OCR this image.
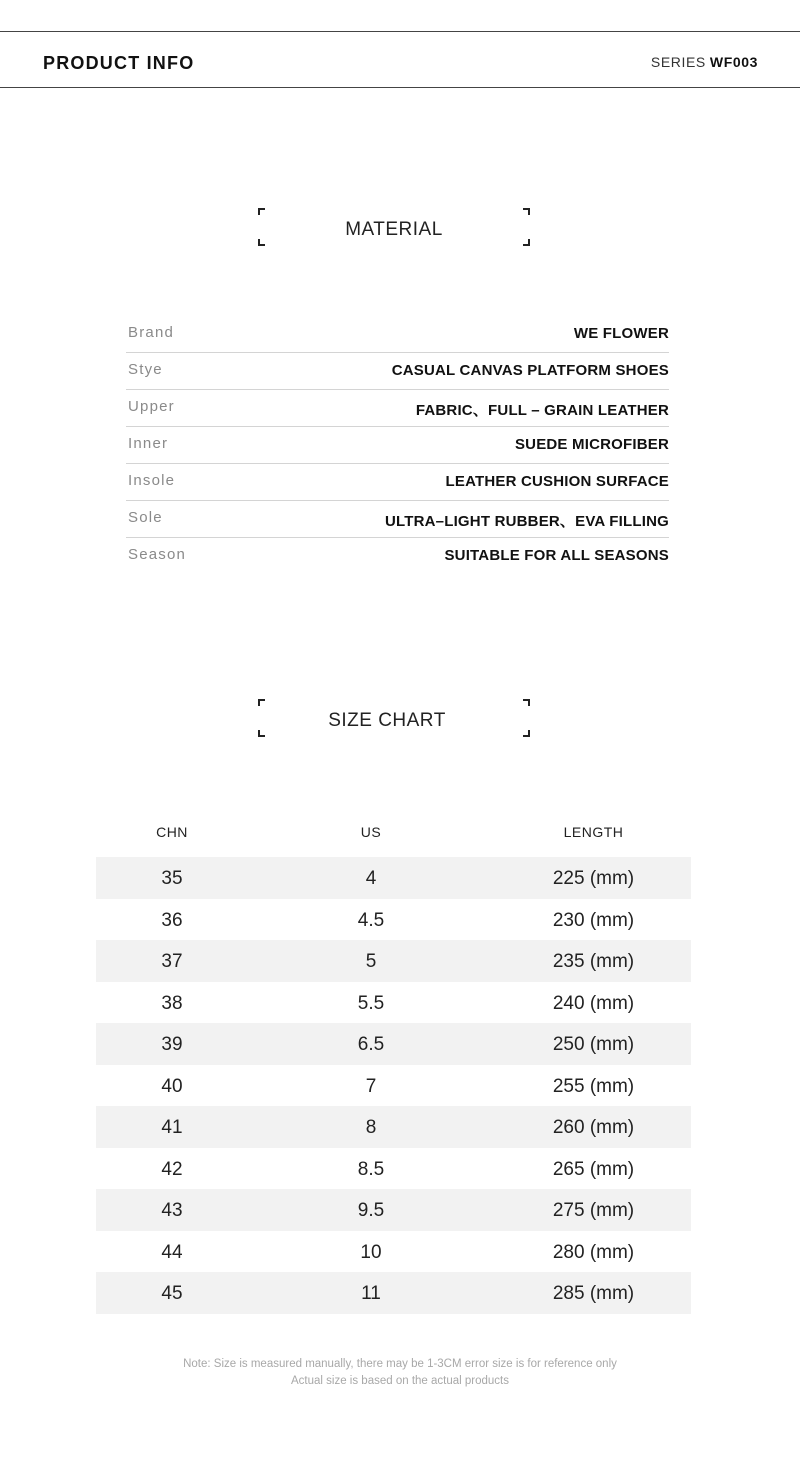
PRODUCT INFO	SERIES WF003
MATERIAL
Brand	WE FLOWER
Stye	CASUAL CANVAS PLATFORM SHOES
Upper	FABRIC、FULL – GRAIN LEATHER
Inner	SUEDE MICROFIBER
Insole	LEATHER CUSHION SURFACE
Sole	ULTRA–LIGHT RUBBER、EVA FILLING
Season	SUITABLE FOR ALL SEASONS
SIZE CHART
CHN	US	LENGTH
35	4	225 (mm)
36	4.5	230 (mm)
37	5	235 (mm)
38	5.5	240 (mm)
39	6.5	250 (mm)
40	7	255 (mm)
41	8	260 (mm)
42	8.5	265 (mm)
43	9.5	275 (mm)
44	10	280 (mm)
45	11	285 (mm)
Note: Size is measured manually, there may be 1-3CM error size is for reference only
Actual size is based on the actual products
